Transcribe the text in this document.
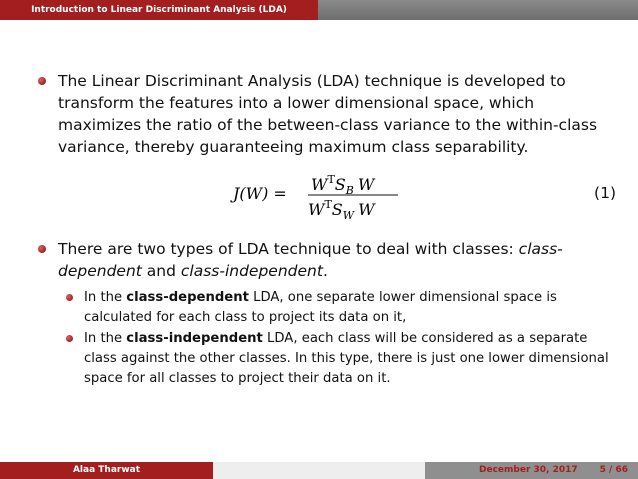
Introduction to Linear Discriminant Analysis (LDA)
The Linear Discriminant Analysis (LDA) technique is developed to transform the features into a lower dimensional space, which maximizes the ratio of the between-class variance to the within-class variance, thereby guaranteeing maximum class separability.
$J(W) = W^TS_B$ W
$W^TS_W$ W
(1)
There are two types of LDA technique to deal with classes: class-dependent and class-independent.
In the class-dependent LDA, one separate lower dimensional space is calculated for each class to project its data on it,
In the class-independent LDA, each class will be considered as a separate class against the other classes. In this type, there is just one lower dimensional space for all classes to project their data on it.
Alaa Tharwat	December 30, 2017 5 / 66
